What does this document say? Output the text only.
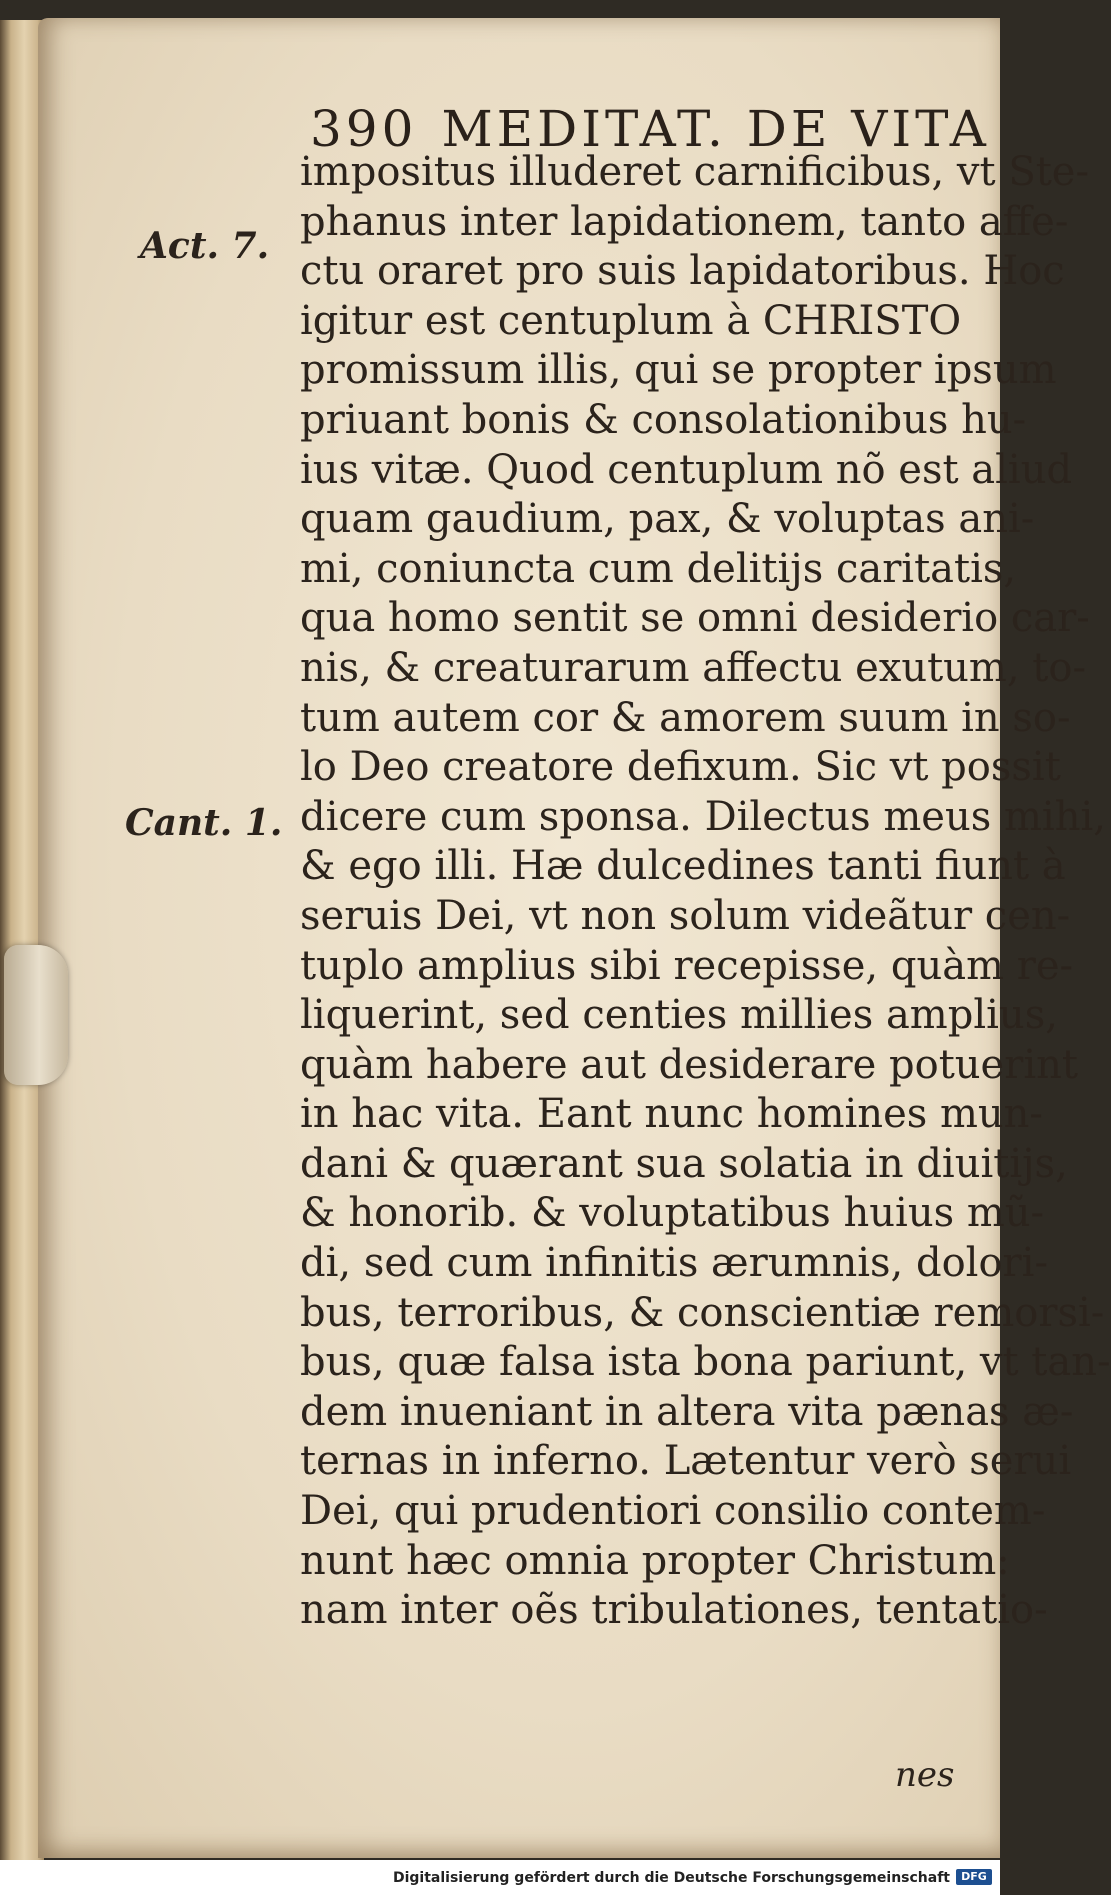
390 MEDITAT. DE VITA
Act. 7.
Cant. 1.
impositus illuderet carnificibus, vt Ste-
phanus inter lapidationem, tanto affe-
ctu oraret pro suis lapidatoribus. Hoc
igitur est centuplum à CHRISTO
promissum illis, qui se propter ipsum
priuant bonis & consolationibus hu-
ius vitæ. Quod centuplum nõ est aliud
quam gaudium, pax, & voluptas ani-
mi, coniuncta cum delitijs caritatis,
qua homo sentit se omni desiderio car-
nis, & creaturarum affectu exutum, to-
tum autem cor & amorem suum in so-
lo Deo creatore defixum. Sic vt possit
dicere cum sponsa. Dilectus meus mihi,
& ego illi. Hæ dulcedines tanti fiunt à
seruis Dei, vt non solum videãtur cen-
tuplo amplius sibi recepisse, quàm re-
liquerint, sed centies millies amplius,
quàm habere aut desiderare potuerint
in hac vita. Eant nunc homines mun-
dani & quærant sua solatia in diuitijs,
& honorib. & voluptatibus huius mũ-
di, sed cum infinitis ærumnis, dolori-
bus, terroribus, & conscientiæ remorsi-
bus, quæ falsa ista bona pariunt, vt tan-
dem inueniant in altera vita pænas æ-
ternas in inferno. Lætentur verò serui
Dei, qui prudentiori consilio contem-
nunt hæc omnia propter Christum:
nam inter oẽs tribulationes, tentatio-
nes
Digitalisierung gefördert durch die Deutsche Forschungsgemeinschaft	DFG
